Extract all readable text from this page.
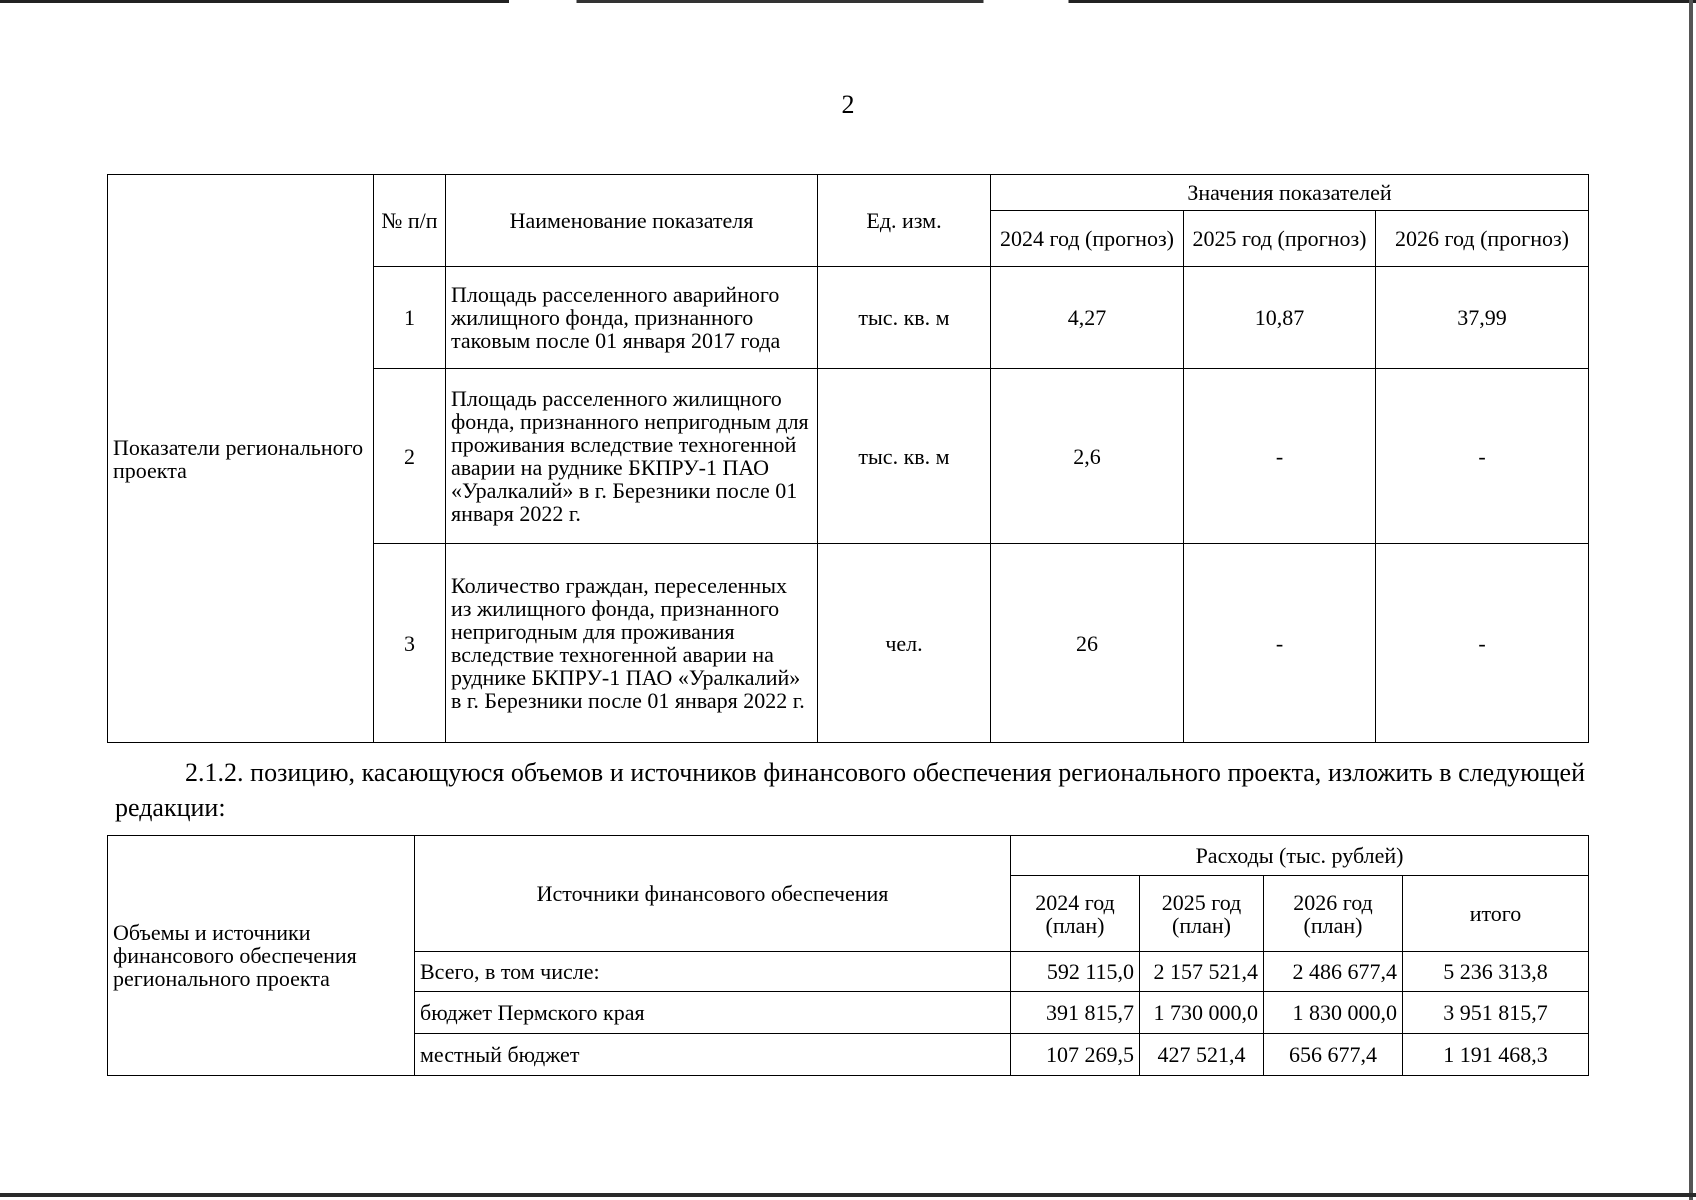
2
Показатели регионального проекта	№ п/п	Наименование показателя	Ед. изм.	Значения показателей		
				2024 год (прогноз)	2025 год (прогноз)	2026 год (прогноз)
	1	Площадь расселенного аварийного жилищного фонда, признанного таковым после 01 января 2017 года	тыс. кв. м	4,27	10,87	37,99
	2	Площадь расселенного жилищного фонда, признанного непригодным для проживания вследствие техногенной аварии на руднике БКПРУ-1 ПАО «Уралкалий» в г. Березники после 01 января 2022 г.	тыс. кв. м	2,6	-	-
	3	Количество граждан, переселенных из жилищного фонда, признанного непригодным для проживания вследствие техногенной аварии на руднике БКПРУ-1 ПАО «Уралкалий» в г. Березники после 01 января 2022 г.	чел.	26	-	-
2.1.2. позицию, касающуюся объемов и источников финансового обеспечения регионального проекта, изложить в следующей редакции:
Объемы и источники финансового обеспечения регионального проекта	Источники финансового обеспечения	Расходы (тыс. рублей)			
		2024 год (план)	2025 год (план)	2026 год (план)	итого
	Всего, в том числе:	592 115,0	2 157 521,4	2 486 677,4	5 236 313,8
	бюджет Пермского края	391 815,7	1 730 000,0	1 830 000,0	3 951 815,7
	местный бюджет	107 269,5	427 521,4	656 677,4	1 191 468,3
